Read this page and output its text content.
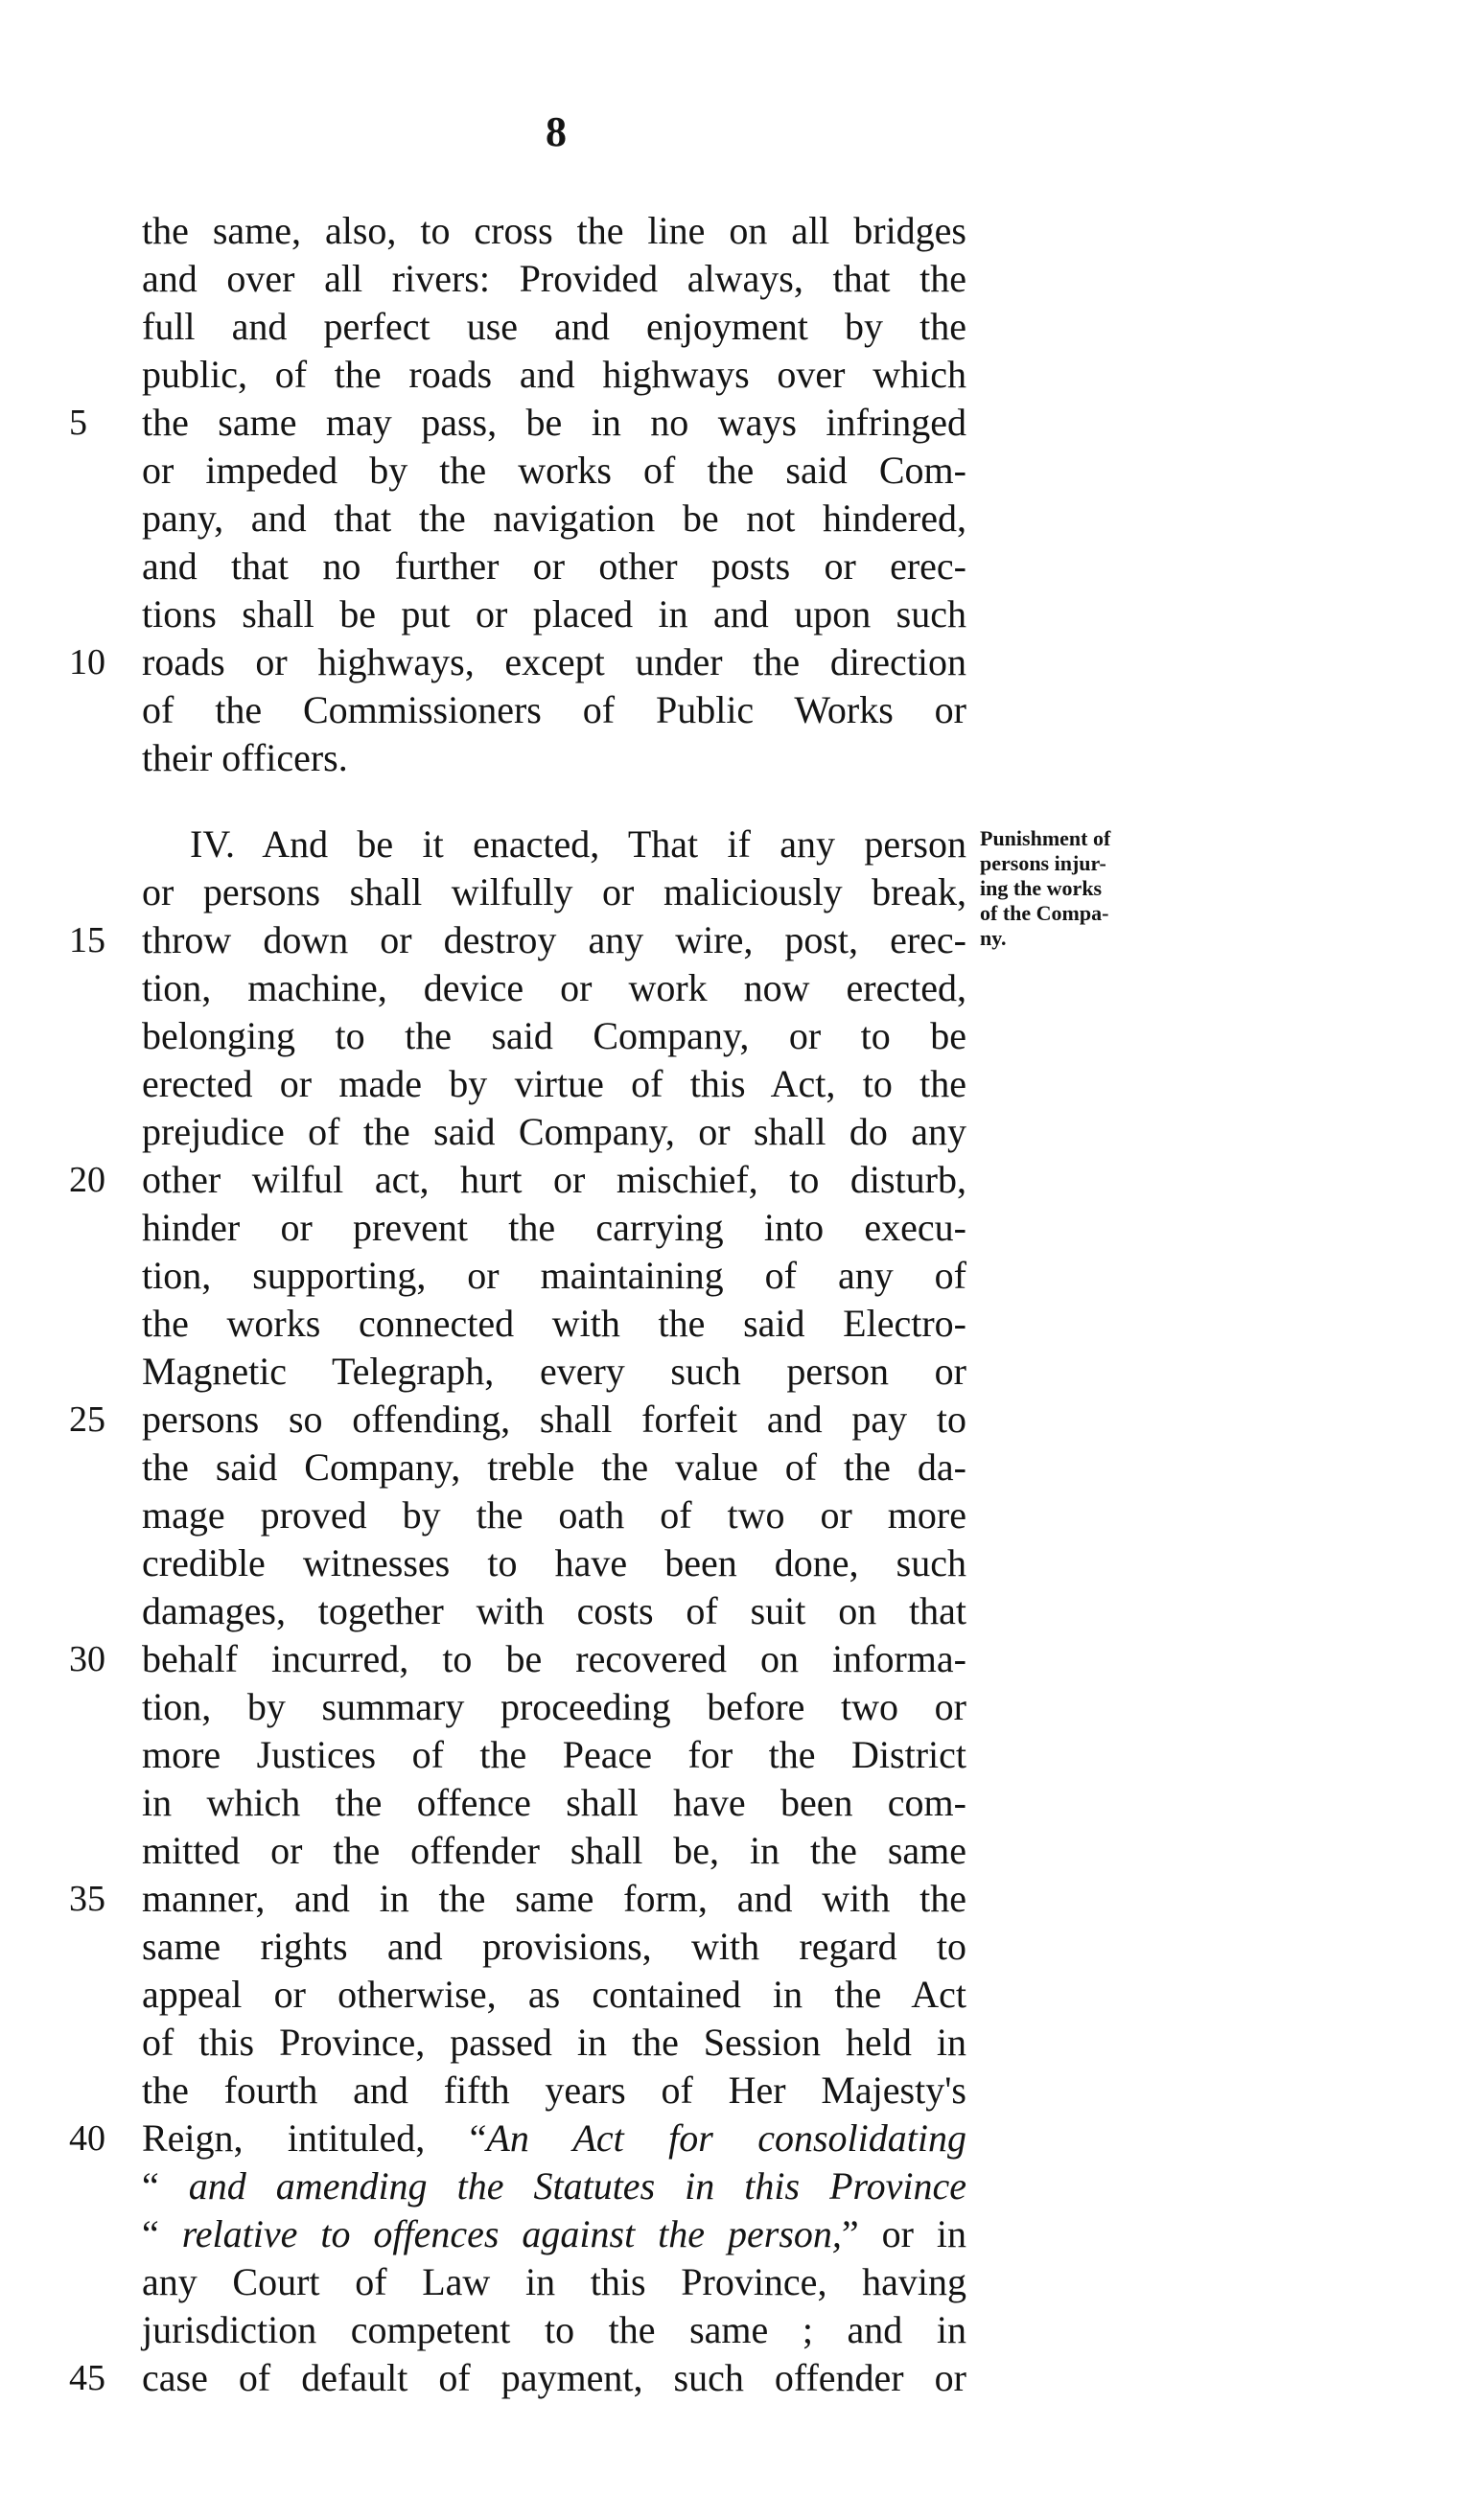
8
the same, also, to cross the line on all bridges
and over all rivers: Provided always, that the
full and perfect use and enjoyment by the
public, of the roads and highways over which
5	the same may pass, be in no ways infringed
or impeded by the works of the said Com-
pany, and that the navigation be not hindered,
and that no further or other posts or erec-
tions shall be put or placed in and upon such
10 roads or highways, except under the direction
of the Commissioners of Public Works or
their officers.
Punishment of
persons injur-
ing the works
of the Compa-
ny.
IV. And be it enacted, That if any person
or persons shall wilfully or maliciously break,
15 throw down or destroy any wire, post, erec-
tion, machine, device or work now erected,
belonging to the said Company, or to be
erected or made by virtue of this Act, to the
prejudice of the said Company, or shall do any
20 other wilful act, hurt or mischief, to disturb,
hinder or prevent the carrying into execu-
tion, supporting, or maintaining of any of
the works connected with the said Electro-
Magnetic Telegraph, every such person or
25 persons so offending, shall forfeit and pay to
the said Company, treble the value of the da-
mage proved by the oath of two or more
credible witnesses to have been done, such
damages, together with costs of suit on that
30 behalf incurred, to be recovered on informa-
tion, by summary proceeding before two or
more Justices of the Peace for the District
in which the offence shall have been com-
mitted or the offender shall be, in the same
35 manner, and in the same form, and with the
same rights and provisions, with regard to
appeal or otherwise, as contained in the Act
of this Province, passed in the Session held in
the fourth and fifth years of Her Majesty's
40 Reign, intituled, “An Act for consolidating
“ and amending the Statutes in this Province
“ relative to offences against the person,” or in
any Court of Law in this Province, having
jurisdiction competent to the same ; and in
45 case of default of payment, such offender or
